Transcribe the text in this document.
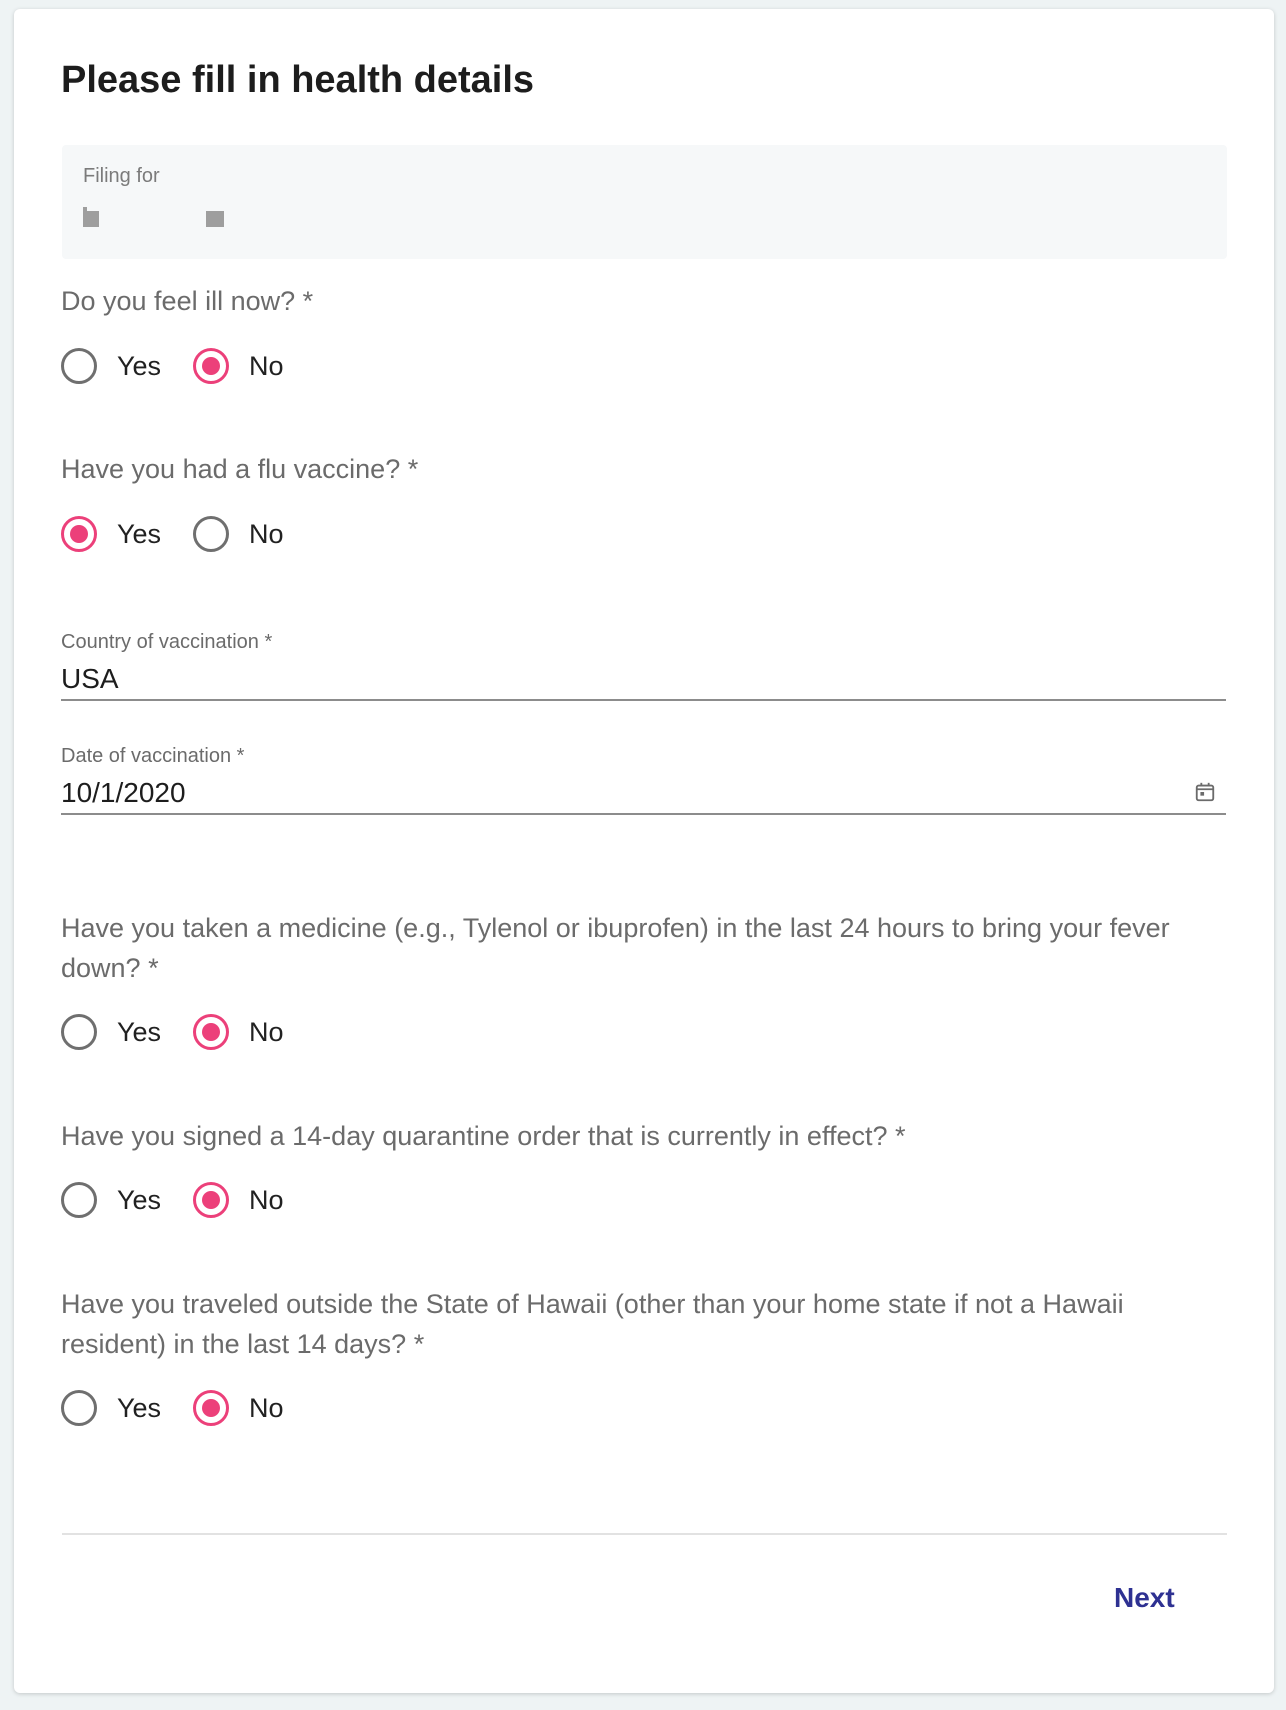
Please fill in health details
Filing for
Do you feel ill now? *
Yes	No
Have you had a flu vaccine? *
Yes	No
Country of vaccination *
USA
Date of vaccination *
10/1/2020
Have you taken a medicine (e.g., Tylenol or ibuprofen) in the last 24 hours to bring your fever down? *
Yes	No
Have you signed a 14-day quarantine order that is currently in effect? *
Yes	No
Have you traveled outside the State of Hawaii (other than your home state if not a Hawaii resident) in the last 14 days? *
Yes	No
Next
